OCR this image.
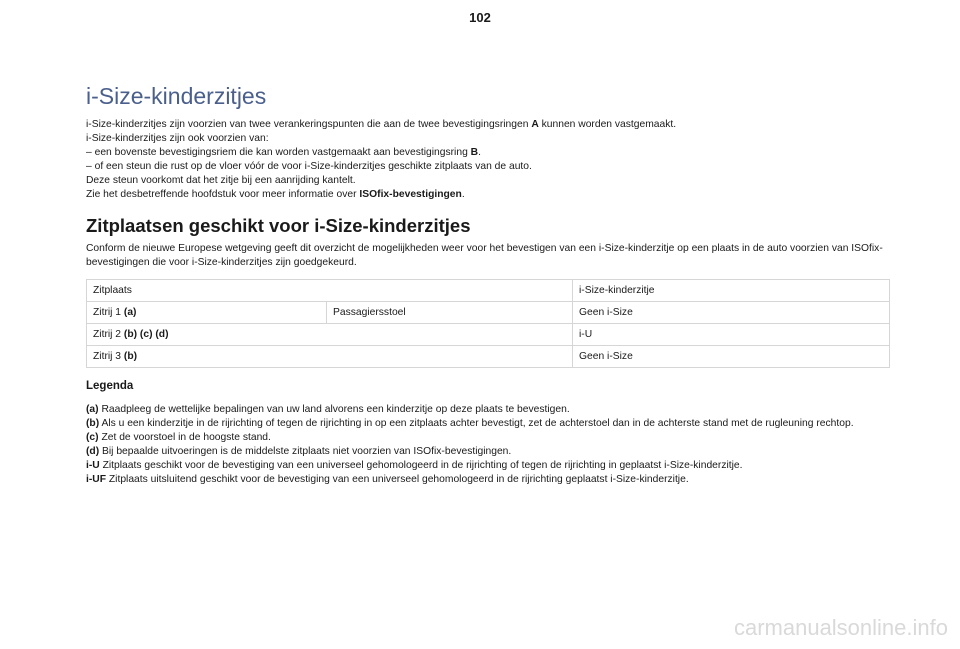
102
i-Size-kinderzitjes

i-Size-kinderzitjes zijn voorzien van twee verankeringspunten die aan de twee bevestigingsringen A kunnen worden vastgemaakt.

i-Size-kinderzitjes zijn ook voorzien van:

– een bovenste bevestigingsriem die kan worden vastgemaakt aan bevestigingsring B.

– of een steun die rust op de vloer vóór de voor i-Size-kinderzitjes geschikte zitplaats van de auto.

Deze steun voorkomt dat het zitje bij een aanrijding kantelt.

Zie het desbetreffende hoofdstuk voor meer informatie over ISOfix-bevestigingen.

Zitplaatsen geschikt voor i-Size-kinderzitjes

Conform de nieuwe Europese wetgeving geeft dit overzicht de mogelijkheden weer voor het bevestigen van een i-Size-kinderzitje op een plaats in de auto voorzien van ISOfix-bevestigingen die voor i-Size-kinderzitjes zijn goedgekeurd.

Zitplaats		i-Size-kinderzitje
Zitrij 1 (a)	Passagiersstoel	Geen i-Size
Zitrij 2 (b) (c) (d)		i-U
Zitrij 3 (b)		Geen i-Size
Legenda

(a) Raadpleeg de wettelijke bepalingen van uw land alvorens een kinderzitje op deze plaats te bevestigen.

(b) Als u een kinderzitje in de rijrichting of tegen de rijrichting in op een zitplaats achter bevestigt, zet de achterstoel dan in de achterste stand met de rugleuning rechtop.

(c) Zet de voorstoel in de hoogste stand.

(d) Bij bepaalde uitvoeringen is de middelste zitplaats niet voorzien van ISOfix-bevestigingen.

i-U Zitplaats geschikt voor de bevestiging van een universeel gehomologeerd in de rijrichting of tegen de rijrichting in geplaatst i-Size-kinderzitje.

i-UF Zitplaats uitsluitend geschikt voor de bevestiging van een universeel gehomologeerd in de rijrichting geplaatst i-Size-kinderzitje.

carmanualsonline.info
